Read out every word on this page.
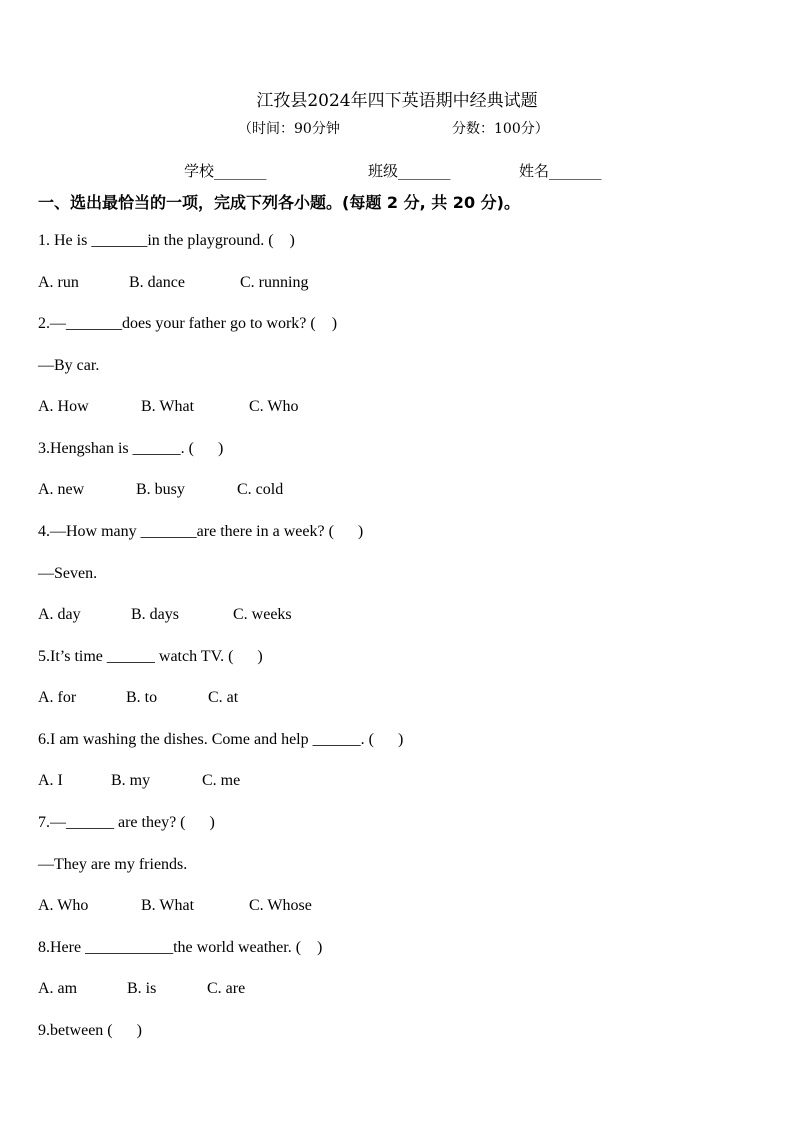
江孜县2024年四下英语期中经典试题
（时间：90分钟	分数：100分）
学校_______	班级_______	姓名_______
一、选出最恰当的一项，完成下列各小题。(每题 2 分, 共 20 分)。
1. He is _______in the playground. (    )
A. run	B. dance	C. running
2.—_______does your father go to work? (    )
—By car.
A. How	B. What	C. Who
3.Hengshan is ______. (      )
A. new	B. busy	C. cold
4.—How many _______are there in a week? (      )
—Seven.
A. day	B. days	C. weeks
5.It’s time ______ watch TV. (      )
A. for	B. to	C. at
6.I am washing the dishes. Come and help ______. (      )
A. I	B. my	C. me
7.—______ are they? (      )
—They are my friends.
A. Who	B. What	C. Whose
8.Here ___________the world weather. (    )
A. am	B. is	C. are
9.between (      )
